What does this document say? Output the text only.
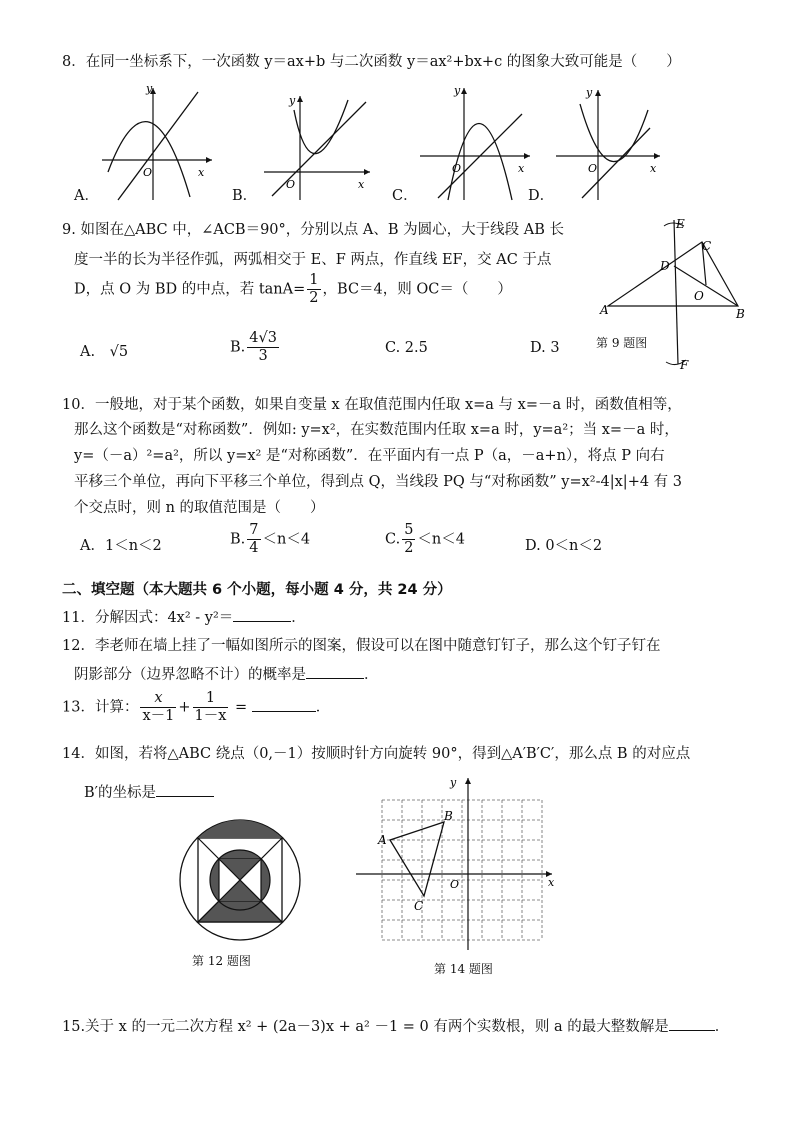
8．在同一坐标系下，一次函数 y＝ax+b 与二次函数 y＝ax²+bx+c 的图象大致可能是（　　）
y
O	x
A．
y
O	x
B．
y
O	x
C．
y
O	x
D．
9. 如图在△ABC 中，∠ACB＝90°，分别以点 A、B 为圆心，大于线段 AB 长
度一半的长为半径作弧，两弧相交于 E、F 两点，作直线 EF，交 AC 于点
D，点 O 为 BD 的中点，若 $\tan A= \frac{1}{2}$ ，BC＝4，则 OC＝（　　）
A.　√5	B. $\frac{4√3}{3}$	C. 2.5	D. 3
E
C
D
O
A	B
F
第 9 题图
10．一般地，对于某个函数，如果自变量 x 在取值范围内任取 x=a 与 x=－a 时，函数值相等，
那么这个函数是“对称函数”．例如: y=x²，在实数范围内任取 x=a 时，y=a²；当 x=－a 时，
y=（－a）²=a²，所以 y=x² 是“对称函数”．在平面内有一点 P（a，－a+n），将点 P 向右
平移三个单位，再向下平移三个单位，得到点 Q，当线段 PQ 与“对称函数” y=x²-4|x|+4 有 3
个交点时，则 n 的取值范围是（　　）
A．1＜n＜2	B. $\frac{7}{4} <n<4$	C. $\frac{5}{2} <n<4$	D. 0＜n＜2
二、填空题（本大题共 6 个小题，每小题 4 分，共 24 分）
11．分解因式：4x² - y²＝	．
12．李老师在墙上挂了一幅如图所示的图案，假设可以在图中随意钉钉子，那么这个钉子钉在
阴影部分（边界忽略不计）的概率是	．
13．计算： $\frac{x}{x-1} + \frac{1}{1-x}$ =	．
14．如图，若将△ABC 绕点（0,－1）按顺时针方向旋转 90°，得到△A′B′C′，那么点 B 的对应点
B′的坐标是
第 12 题图
y
x
O
A
B
C
第 14 题图
15.关于 x 的一元二次方程 x² + (2a－3)x + a² －1 = 0 有两个实数根，则 a 的最大整数解是	．
